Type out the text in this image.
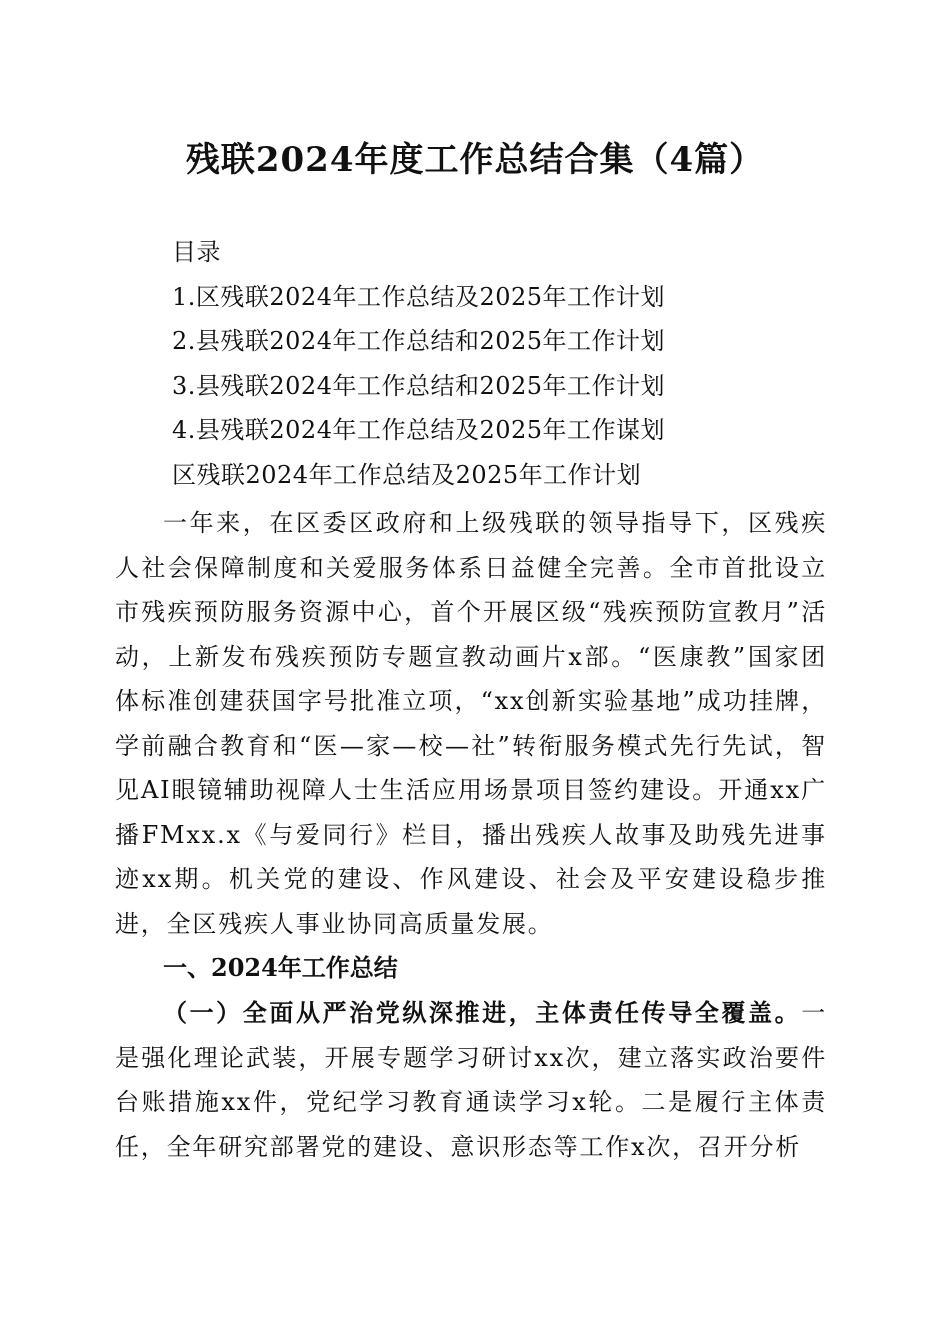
残联2024年度工作总结合集（4篇）
目录
1.区残联2024年工作总结及2025年工作计划
2.县残联2024年工作总结和2025年工作计划
3.县残联2024年工作总结和2025年工作计划
4.县残联2024年工作总结及2025年工作谋划
区残联2024年工作总结及2025年工作计划

一年来，在区委区政府和上级残联的领导指导下，区残疾人社会保障制度和关爱服务体系日益健全完善。全市首批设立市残疾预防服务资源中心，首个开展区级“残疾预防宣教月”活动，上新发布残疾预防专题宣教动画片x部。“医康教”国家团体标准创建获国字号批准立项，“xx创新实验基地”成功挂牌，学前融合教育和“医—家—校—社”转衔服务模式先行先试，智见AI眼镜辅助视障人士生活应用场景项目签约建设。开通xx广播FMxx.x《与爱同行》栏目，播出残疾人故事及助残先进事迹xx期。机关党的建设、作风建设、社会及平安建设稳步推进，全区残疾人事业协同高质量发展。

一、2024年工作总结

（一）全面从严治党纵深推进，主体责任传导全覆盖。一是强化理论武装，开展专题学习研讨xx次，建立落实政治要件台账措施xx件，党纪学习教育通读学习x轮。二是履行主体责任，全年研究部署党的建设、意识形态等工作x次，召开分析
